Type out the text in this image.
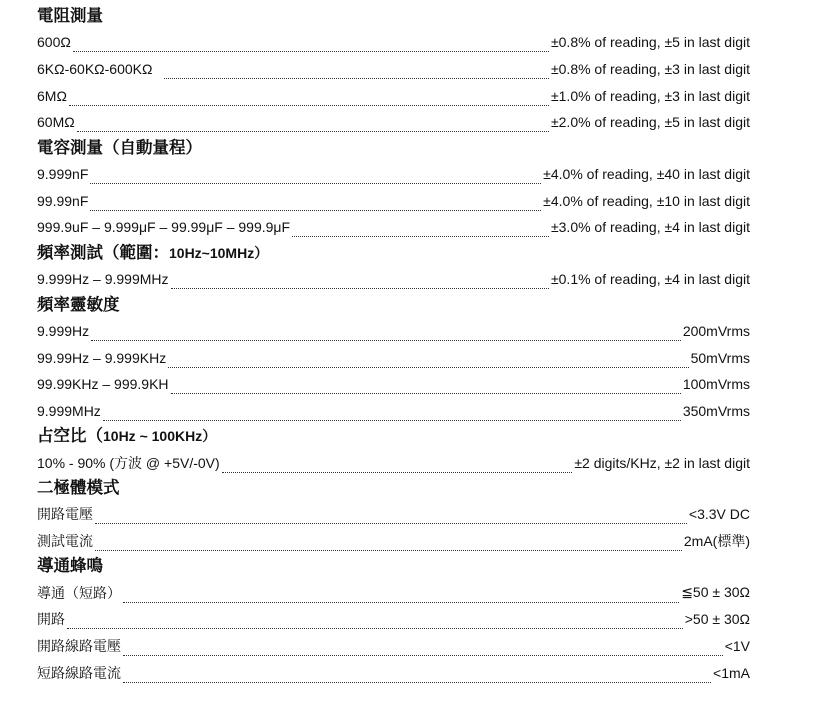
電阻測量
600Ω	±0.8% of reading, ±5 in last digit
6KΩ-60KΩ-600KΩ	±0.8% of reading, ±3 in last digit
6MΩ	±1.0% of reading, ±3 in last digit
60MΩ	±2.0% of reading, ±5 in last digit
電容測量（自動量程）
9.999nF	±4.0% of reading, ±40 in last digit
99.99nF	±4.0% of reading, ±10 in last digit
999.9uF – 9.999μF – 99.99μF – 999.9μF	±3.0% of reading, ±4 in last digit
頻率測試（範圍：10Hz~10MHz）
9.999Hz – 9.999MHz	±0.1% of reading, ±4 in last digit
頻率靈敏度
9.999Hz	200mVrms
99.99Hz – 9.999KHz	50mVrms
99.99KHz – 999.9KH	100mVrms
9.999MHz	350mVrms
占空比（10Hz ~ 100KHz）
10% - 90% (方波 @ +5V/-0V)	±2 digits/KHz, ±2 in last digit
二極體模式
開路電壓	<3.3V DC
測試電流	2mA(標準)
導通蜂鳴
導通（短路）	≦50 ± 30Ω
開路	>50 ± 30Ω
開路線路電壓	<1V
短路線路電流	<1mA
